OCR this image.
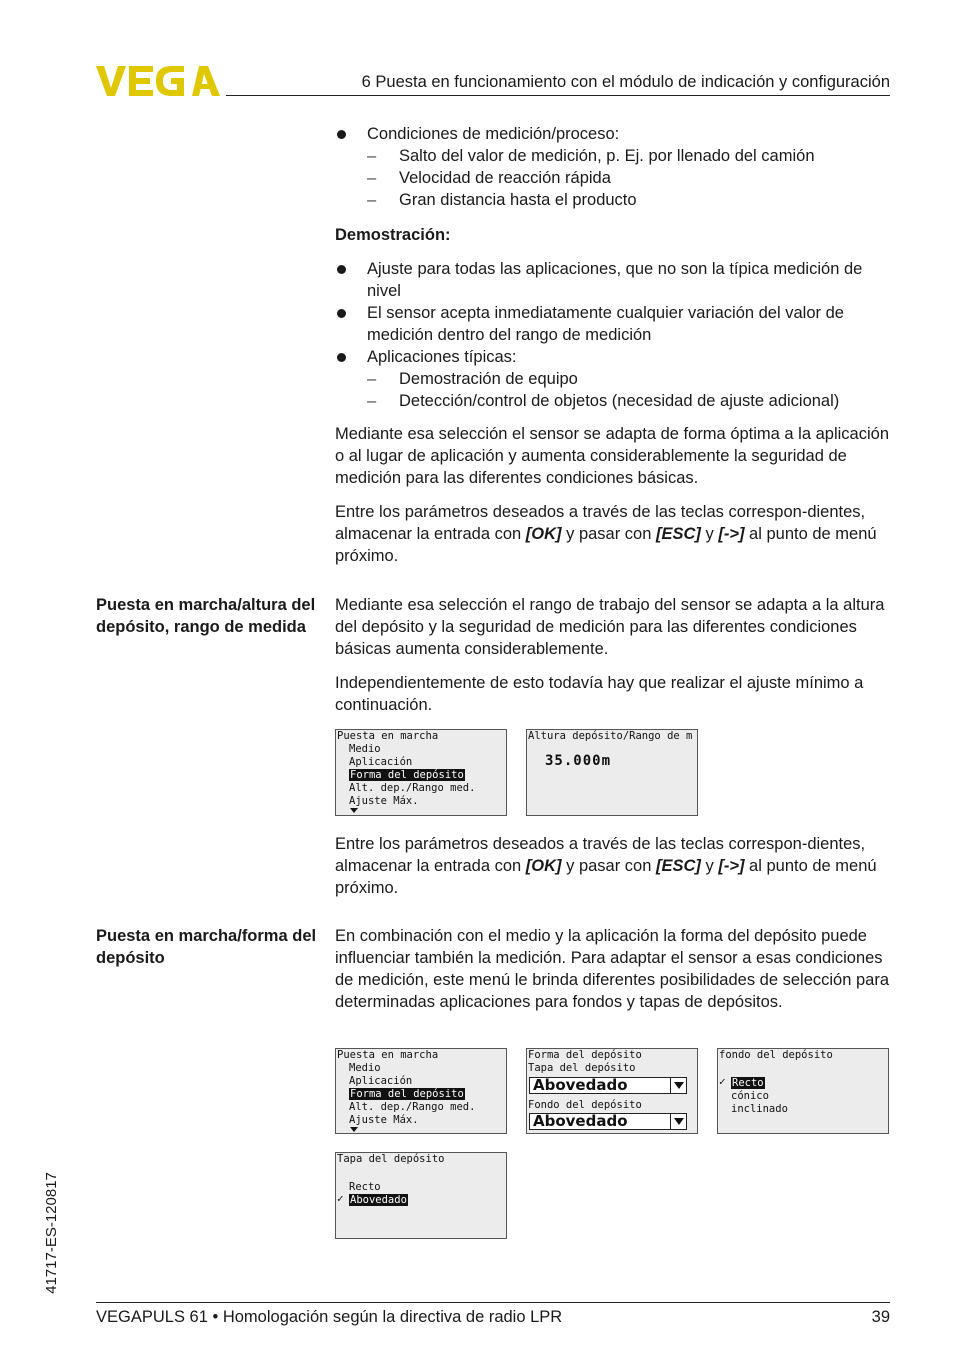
6 Puesta en funcionamiento con el módulo de indicación y configuración
Condiciones de medición/proceso:
– Salto del valor de medición, p. Ej. por llenado del camión
– Velocidad de reacción rápida
– Gran distancia hasta el producto
Demostración:
Ajuste para todas las aplicaciones, que no son la típica medición de nivel
El sensor acepta inmediatamente cualquier variación del valor de medición dentro del rango de medición
Aplicaciones típicas:
– Demostración de equipo
– Detección/control de objetos (necesidad de ajuste adicional)

Mediante esa selección el sensor se adapta de forma óptima a la aplicación o al lugar de aplicación y aumenta considerablemente la seguridad de medición para las diferentes condiciones básicas.

Entre los parámetros deseados a través de las teclas correspon-dientes, almacenar la entrada con [OK] y pasar con [ESC] y [->] al punto de menú próximo.

Puesta en marcha/altura del depósito, rango de medida

Mediante esa selección el rango de trabajo del sensor se adapta a la altura del depósito y la seguridad de medición para las diferentes condiciones básicas aumenta considerablemente.

Independientemente de esto todavía hay que realizar el ajuste mínimo a continuación.

Puesta en marcha
Medio
Aplicación
Forma del depósito
Alt. dep./Rango med.
Ajuste Máx.
Altura depósito/Rango de m
35.000m

Entre los parámetros deseados a través de las teclas correspon-dientes, almacenar la entrada con [OK] y pasar con [ESC] y [->] al punto de menú próximo.

Puesta en marcha/forma del depósito

En combinación con el medio y la aplicación la forma del depósito puede influenciar también la medición. Para adaptar el sensor a esas condiciones de medición, este menú le brinda diferentes posibilidades de selección para determinadas aplicaciones para fondos y tapas de depósitos.

Puesta en marcha
Medio
Aplicación
Forma del depósito
Alt. dep./Rango med.
Ajuste Máx.
Forma del depósito
Tapa del depósito
Abovedado
Fondo del depósito
Abovedado
fondo del depósito
✓ Recto
cónico
inclinado
Tapa del depósito
Recto
✓ Abovedado
41717-ES-120817
VEGAPULS 61 • Homologación según la directiva de radio LPR	39
